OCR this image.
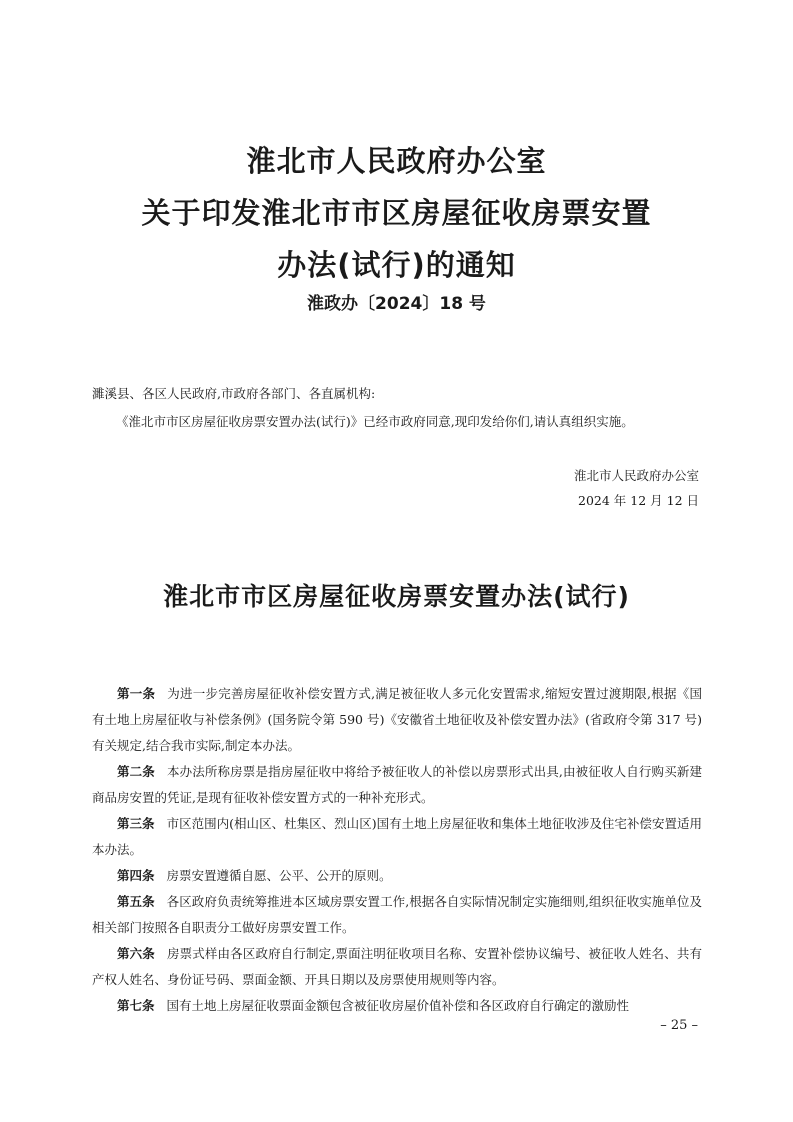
淮北市人民政府办公室
关于印发淮北市市区房屋征收房票安置
办法(试行)的通知
淮政办〔2024〕18 号
濉溪县、各区人民政府,市政府各部门、各直属机构:
《淮北市市区房屋征收房票安置办法(试行)》已经市政府同意,现印发给你们,请认真组织实施。
淮北市人民政府办公室
2024 年 12 月 12 日
淮北市市区房屋征收房票安置办法(试行)

第一条 为进一步完善房屋征收补偿安置方式,满足被征收人多元化安置需求,缩短安置过渡期限,根据《国有土地上房屋征收与补偿条例》(国务院令第 590 号)《安徽省土地征收及补偿安置办法》(省政府令第 317 号)有关规定,结合我市实际,制定本办法。

第二条 本办法所称房票是指房屋征收中将给予被征收人的补偿以房票形式出具,由被征收人自行购买新建商品房安置的凭证,是现有征收补偿安置方式的一种补充形式。

第三条 市区范围内(相山区、杜集区、烈山区)国有土地上房屋征收和集体土地征收涉及住宅补偿安置适用本办法。

第四条 房票安置遵循自愿、公平、公开的原则。

第五条 各区政府负责统筹推进本区域房票安置工作,根据各自实际情况制定实施细则,组织征收实施单位及相关部门按照各自职责分工做好房票安置工作。

第六条 房票式样由各区政府自行制定,票面注明征收项目名称、安置补偿协议编号、被征收人姓名、共有产权人姓名、身份证号码、票面金额、开具日期以及房票使用规则等内容。

第七条 国有土地上房屋征收票面金额包含被征收房屋价值补偿和各区政府自行确定的激励性

– 25 –
